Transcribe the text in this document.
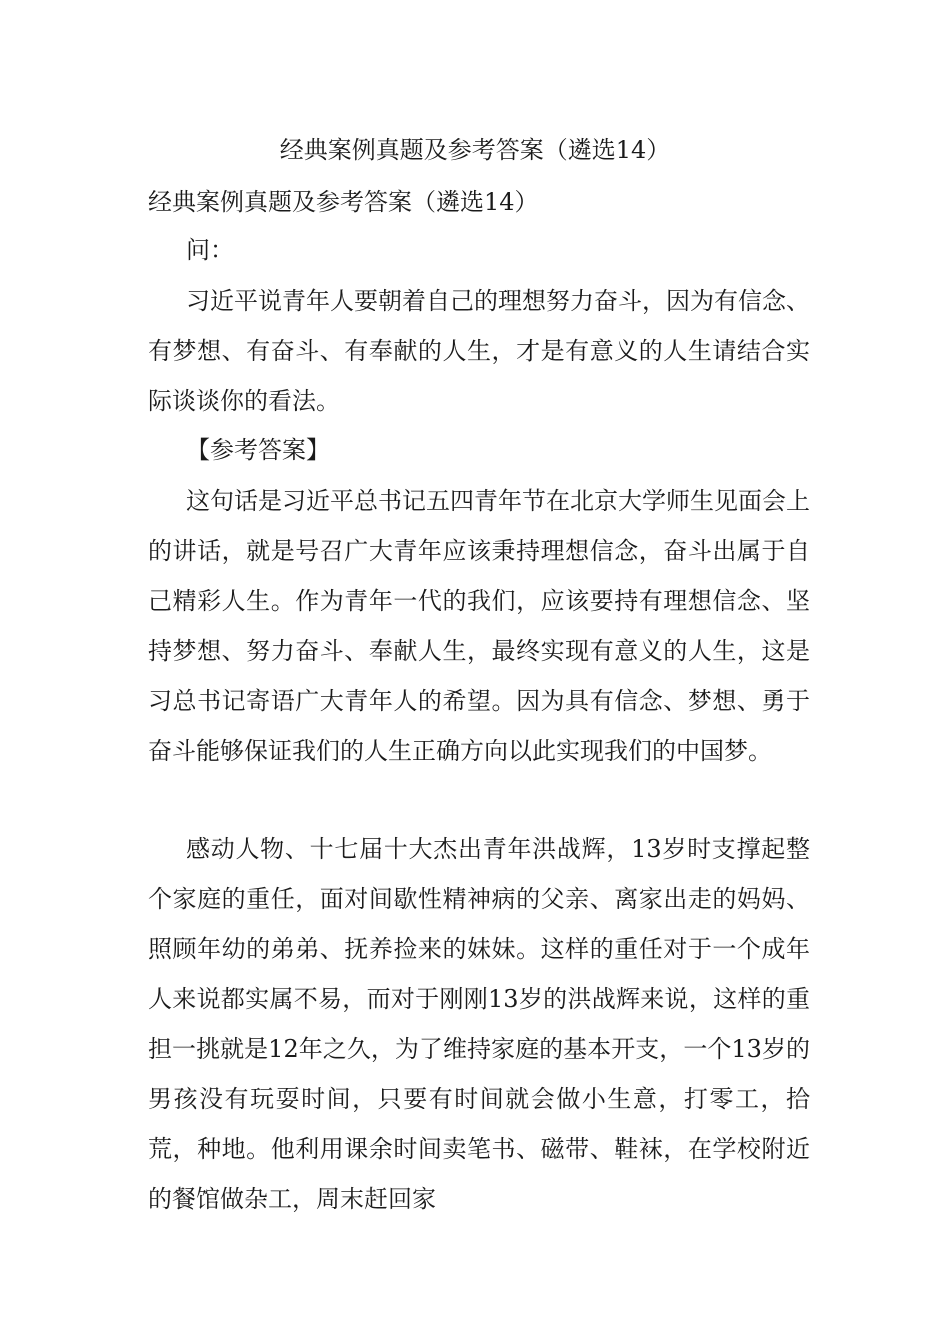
经典案例真题及参考答案（遴选14）
经典案例真题及参考答案（遴选14）
问：
习近平说青年人要朝着自己的理想努力奋斗，因为有信念、有梦想、有奋斗、有奉献的人生，才是有意义的人生请结合实际谈谈你的看法。
【参考答案】
这句话是习近平总书记五四青年节在北京大学师生见面会上的讲话，就是号召广大青年应该秉持理想信念，奋斗出属于自己精彩人生。作为青年一代的我们，应该要持有理想信念、坚持梦想、努力奋斗、奉献人生，最终实现有意义的人生，这是习总书记寄语广大青年人的希望。因为具有信念、梦想、勇于奋斗能够保证我们的人生正确方向以此实现我们的中国梦。
感动人物、十七届十大杰出青年洪战辉，13岁时支撑起整个家庭的重任，面对间歇性精神病的父亲、离家出走的妈妈、照顾年幼的弟弟、抚养捡来的妹妹。这样的重任对于一个成年人来说都实属不易，而对于刚刚13岁的洪战辉来说，这样的重担一挑就是12年之久，为了维持家庭的基本开支，一个13岁的男孩没有玩耍时间，只要有时间就会做小生意，打零工，拾荒，种地。他利用课余时间卖笔书、磁带、鞋袜，在学校附近的餐馆做杂工，周末赶回家
